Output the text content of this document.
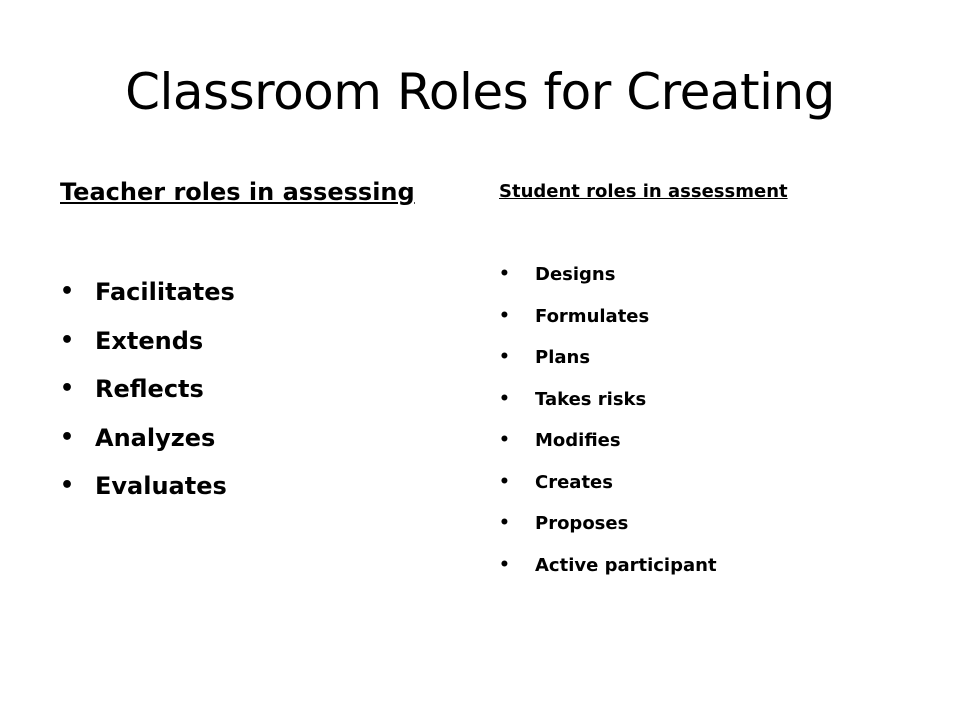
Classroom Roles for Creating

Teacher roles in assessing

• Facilitates
• Extends
• Reflects
• Analyzes
• Evaluates

Student roles in assessment

• Designs
• Formulates
• Plans
• Takes risks
• Modifies
• Creates
• Proposes
• Active participant
